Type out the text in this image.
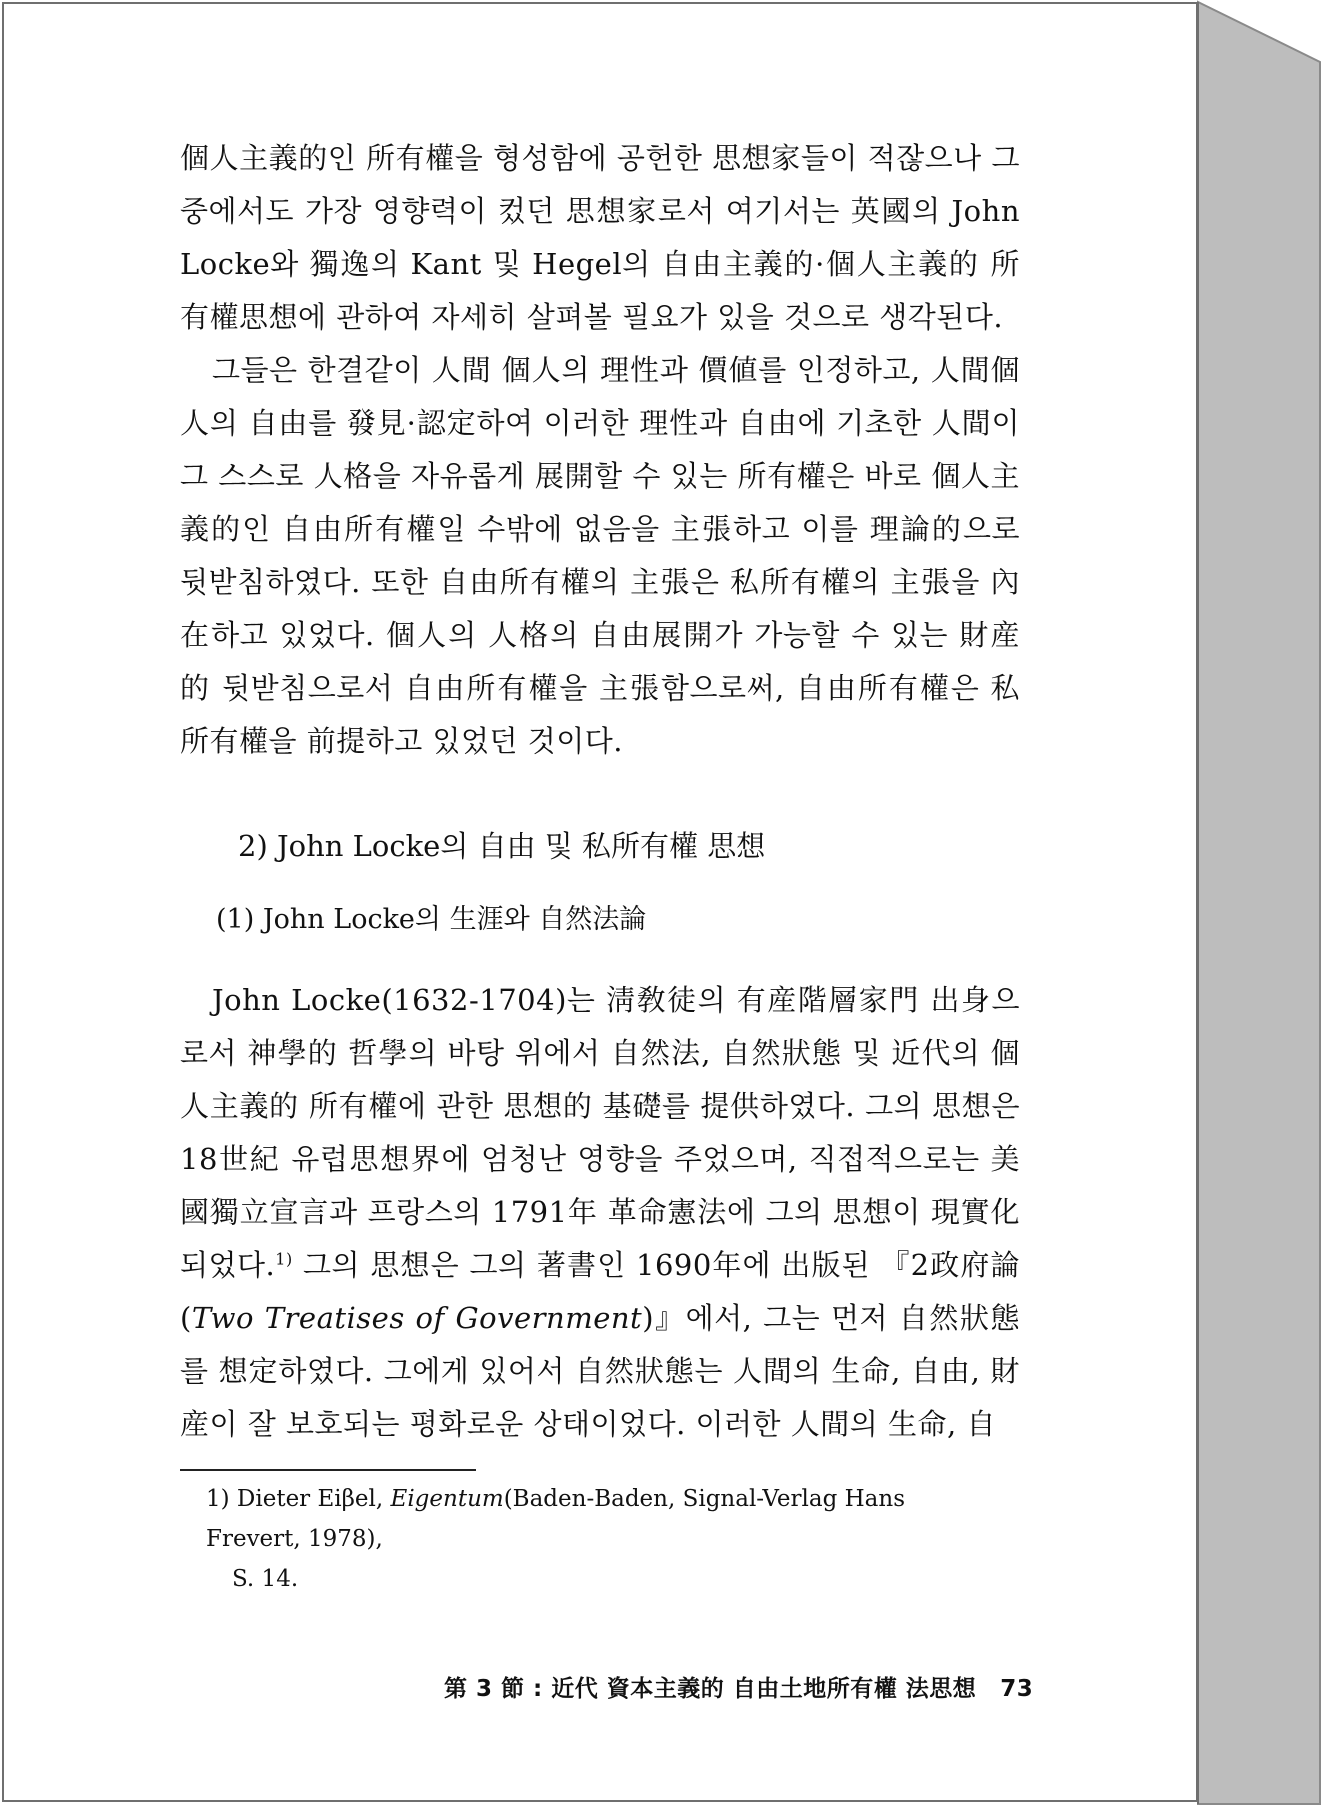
個人主義的인 所有權을 형성함에 공헌한 思想家들이 적잖으나 그중에서도 가장 영향력이 컸던 思想家로서 여기서는 英國의 John Locke와 獨逸의 Kant 및 Hegel의 自由主義的·個人主義的 所有權思想에 관하여 자세히 살펴볼 필요가 있을 것으로 생각된다.

그들은 한결같이 人間 個人의 理性과 價値를 인정하고, 人間個人의 自由를 發見·認定하여 이러한 理性과 自由에 기초한 人間이 그 스스로 人格을 자유롭게 展開할 수 있는 所有權은 바로 個人主義的인 自由所有權일 수밖에 없음을 主張하고 이를 理論的으로 뒷받침하였다. 또한 自由所有權의 主張은 私所有權의 主張을 內在하고 있었다. 個人의 人格의 自由展開가 가능할 수 있는 財産的 뒷받침으로서 自由所有權을 主張함으로써, 自由所有權은 私所有權을 前提하고 있었던 것이다.

2) John Locke의 自由 및 私所有權 思想
(1) John Locke의 生涯와 自然法論

John Locke(1632-1704)는 淸敎徒의 有産階層家門 出身으로서 神學的 哲學의 바탕 위에서 自然法, 自然狀態 및 近代의 個人主義的 所有權에 관한 思想的 基礎를 提供하였다. 그의 思想은 18世紀 유럽思想界에 엄청난 영향을 주었으며, 직접적으로는 美國獨立宣言과 프랑스의 1791年 革命憲法에 그의 思想이 現實化되었다.$^{1)}$ 그의 思想은 그의 著書인 1690年에 出版된 『2政府論(Two Treatises of Government)』에서, 그는 먼저 自然狀態를 想定하였다. 그에게 있어서 自然狀態는 人間의 生命, 自由, 財産이 잘 보호되는 평화로운 상태이었다. 이러한 人間의 生命, 自

1) Dieter Eiβel, Eigentum(Baden-Baden, Signal-Verlag Hans Frevert, 1978),
S. 14.
第 3 節 : 近代 資本主義的 自由土地所有權 法思想 73
